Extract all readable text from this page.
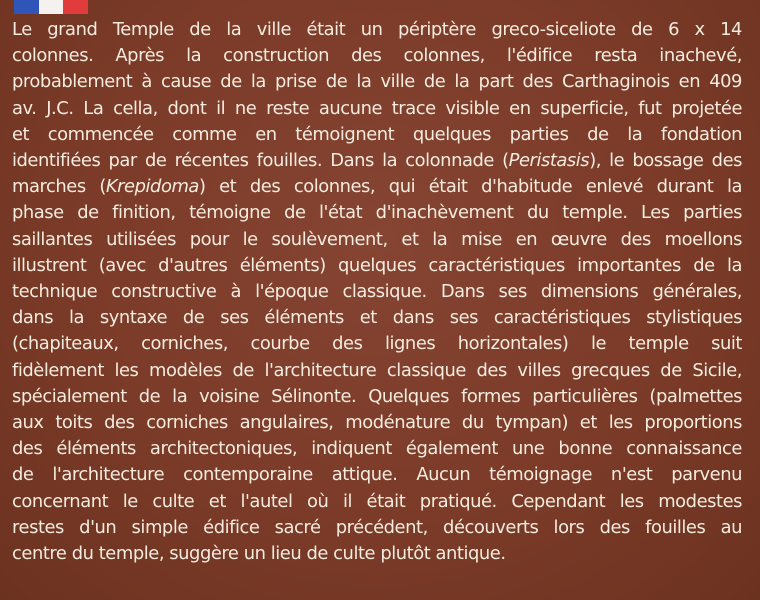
Le grand Temple de la ville était un périptère greco-siceliote de 6 x 14
colonnes. Après la construction des colonnes, l'édifice resta inachevé,
probablement à cause de la prise de la ville de la part des Carthaginois en 409
av. J.C. La cella, dont il ne reste aucune trace visible en superficie, fut projetée
et commencée comme en témoignent quelques parties de la fondation
identifiées par de récentes fouilles. Dans la colonnade (Peristasis), le bossage des
marches (Krepidoma) et des colonnes, qui était d'habitude enlevé durant la
phase de finition, témoigne de l'état d'inachèvement du temple. Les parties
saillantes utilisées pour le soulèvement, et la mise en œuvre des moellons
illustrent (avec d'autres éléments) quelques caractéristiques importantes de la
technique constructive à l'époque classique. Dans ses dimensions générales,
dans la syntaxe de ses éléments et dans ses caractéristiques stylistiques
(chapiteaux, corniches, courbe des lignes horizontales) le temple suit
fidèlement les modèles de l'architecture classique des villes grecques de Sicile,
spécialement de la voisine Sélinonte. Quelques formes particulières (palmettes
aux toits des corniches angulaires, modénature du tympan) et les proportions
des éléments architectoniques, indiquent également une bonne connaissance
de l'architecture contemporaine attique. Aucun témoignage n'est parvenu
concernant le culte et l'autel où il était pratiqué. Cependant les modestes
restes d'un simple édifice sacré précédent, découverts lors des fouilles au
centre du temple, suggère un lieu de culte plutôt antique.
